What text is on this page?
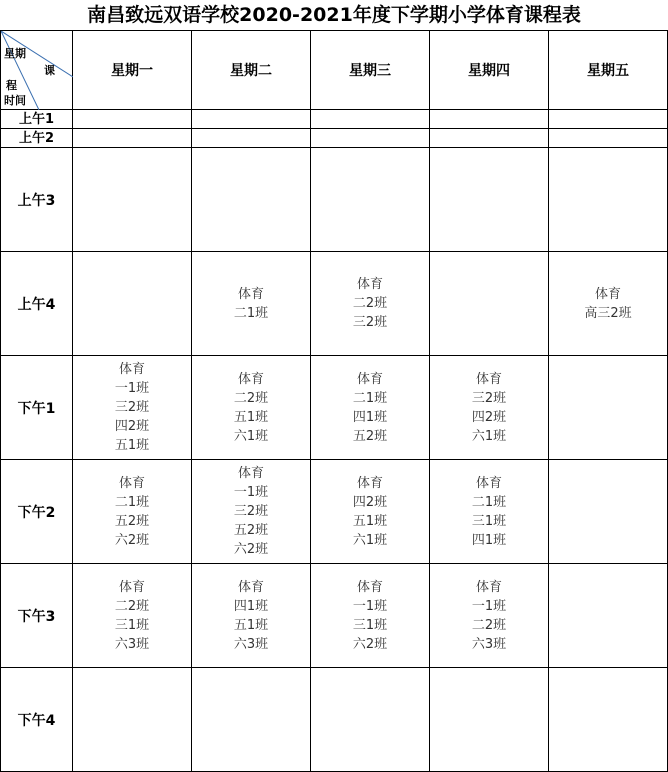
南昌致远双语学校2020-2021年度下学期小学体育课程表
星期
课
程
时间	星期一	星期二	星期三	星期四	星期五
上午1					
上午2					
上午3					
上午4		体育
二1班	体育
二2班
三2班		体育
高三2班

下午1	体育
一1班
三2班
四2班
五1班	体育
二2班
五1班
六1班	体育
二1班
四1班
五2班	体育
三2班
四2班
六1班	

下午2	体育
二1班
五2班
六2班	体育
一1班
三2班
五2班
六2班	体育
四2班
五1班
六1班	体育
二1班
三1班
四1班	

下午3	体育
二2班
三1班
六3班	体育
四1班
五1班
六3班	体育
一1班
三1班
六2班	体育
一1班
二2班
六3班	

下午4					
